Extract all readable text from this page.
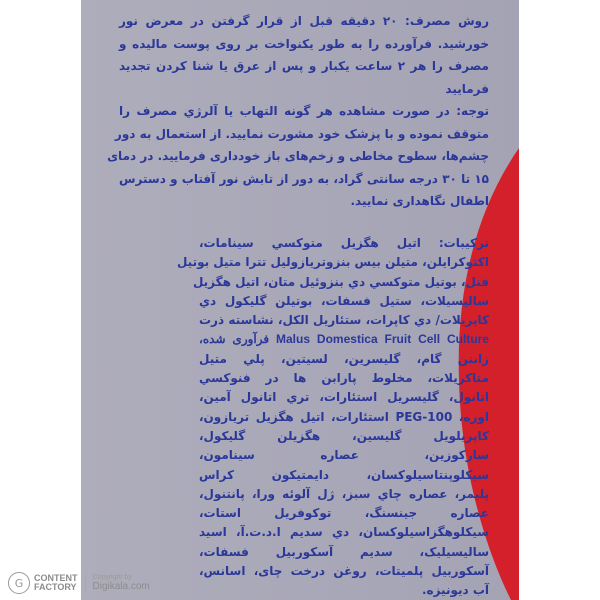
روش مصرف: ۲۰ دقیقه قبل از قرار گرفتن در معرض نور
خورشید. فرآورده را به طور یکنواخت بر روی پوست مالیده و
مصرف را هر ۲ ساعت یکبار و پس از عرق یا شنا کردن تجدید
فرمایید
توجه: در صورت مشاهده هر گونه التهاب یا آلرژي مصرف را
متوقف نموده و با پزشک خود مشورت نمایید. از استعمال به دور
چشم‌ها، سطوح مخاطی و زخم‌های باز خودداری فرمایید. در دمای
۱۵ تا ۳۰ درجه سانتی گراد، به دور از تابش نور آفتاب و دسترس
اطفال نگاهداری نمایید.
ترکیبات: اتیل هگزیل متوکسي سینامات،
اکتوکرایلن، متیلن بیس بنزوتریازولیل تترا متیل بوتیل
فنل، بوتیل متوکسي دي بنزوئیل متان، اتیل هگزیل
سالیسیلات، ستیل فسفات، بوتیلن گلیکول دي
کاپریلات/ دي کاپرات، ستئاریل الکل، نشاسته ذرت
Malus Domestica Fruit Cell Culture فرآوری شده،
زانتن گام، گلیسرین، لسیتین، پلي متیل
متاکریلات، مخلوط پارابن ها در فنوکسي
اتانول، گلیسریل استئارات، تري اتانول آمین،
اوره، PEG-100 استئارات، اتیل هگزیل تریازون،
کاپریلویل گلیسین، هگزیلن گلیکول،
سارکوزین، عصاره سینامون،
سیکلوپنتاسیلوکسان، دایمتیکون کراس
پلیمر، عصاره چاي سبز، ژل آلوئه ورا، پانتنول،
عصاره جینسنگ، توکوفریل استات،
سیکلوهگزاسیلوکسان، دي سدیم ا.د.ت.آ، اسید
سالیسیلیک، سدیم آسکوربیل فسفات،
آسکوربیل پلمیتات، روغن درخت چای، اسانس،
آب دیونیزه.
G	CONTENT
FACTORY
Copyright by
Digikala.com
